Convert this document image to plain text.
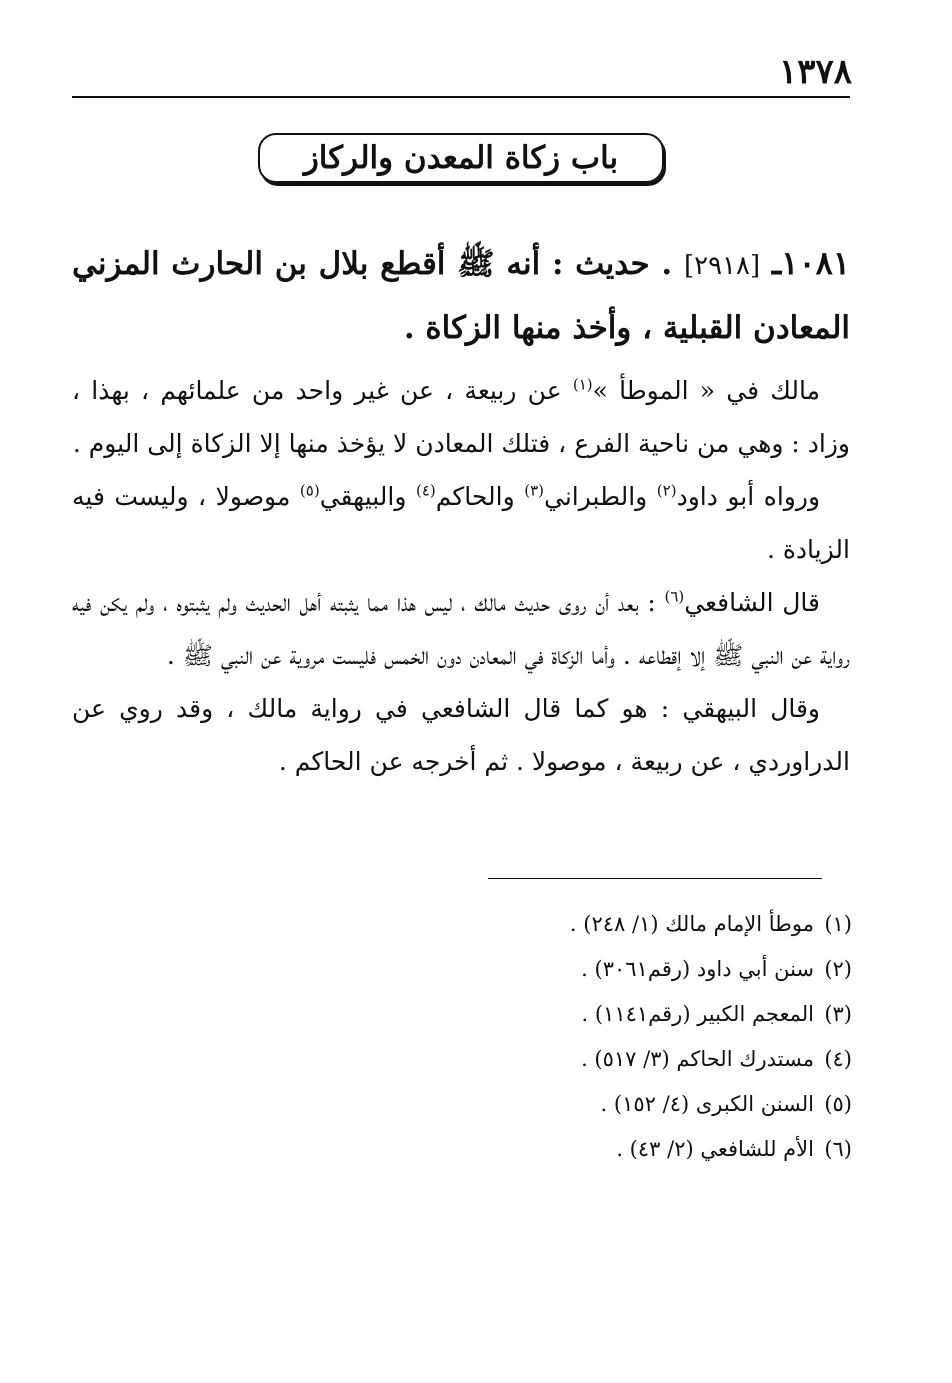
١٣٧٨
باب زكاة المعدن والركاز
١٠٨١ـ [٢٩١٨] . حديث : أنه ﷺ أقطع بلال بن الحارث المزني المعادن القبلية ، وأخذ منها الزكاة .

مالك في « الموطأ »$^{(١)}$ عن ربيعة ، عن غير واحد من علمائهم ، بهذا ، وزاد : وهي من ناحية الفرع ، فتلك المعادن لا يؤخذ منها إلا الزكاة إلى اليوم .

ورواه أبو داود$^{(٢)}$ والطبراني$^{(٣)}$ والحاكم$^{(٤)}$ والبيهقي$^{(٥)}$ موصولا ، وليست فيه الزيادة .

قال الشافعي$^{(٦)}$ : بعد أن روى حديث مالك ، ليس هذا مما يثبته أهل الحديث ولم يثبتوه ، ولم يكن فيه رواية عن النبي ﷺ إلا إقطاعه . وأما الزكاة في المعادن دون الخمس فليست مروية عن النبي ﷺ .

وقال البيهقي : هو كما قال الشافعي في رواية مالك ، وقد روي عن الدراوردي ، عن ربيعة ، موصولا . ثم أخرجه عن الحاكم .

(١)موطأ الإمام مالك (١/ ٢٤٨) .
(٢)سنن أبي داود (رقم٣٠٦١) .
(٣)المعجم الكبير (رقم١١٤١) .
(٤)مستدرك الحاكم (٣/ ٥١٧) .
(٥)السنن الكبرى (٤/ ١٥٢) .
(٦)الأم للشافعي (٢/ ٤٣) .
